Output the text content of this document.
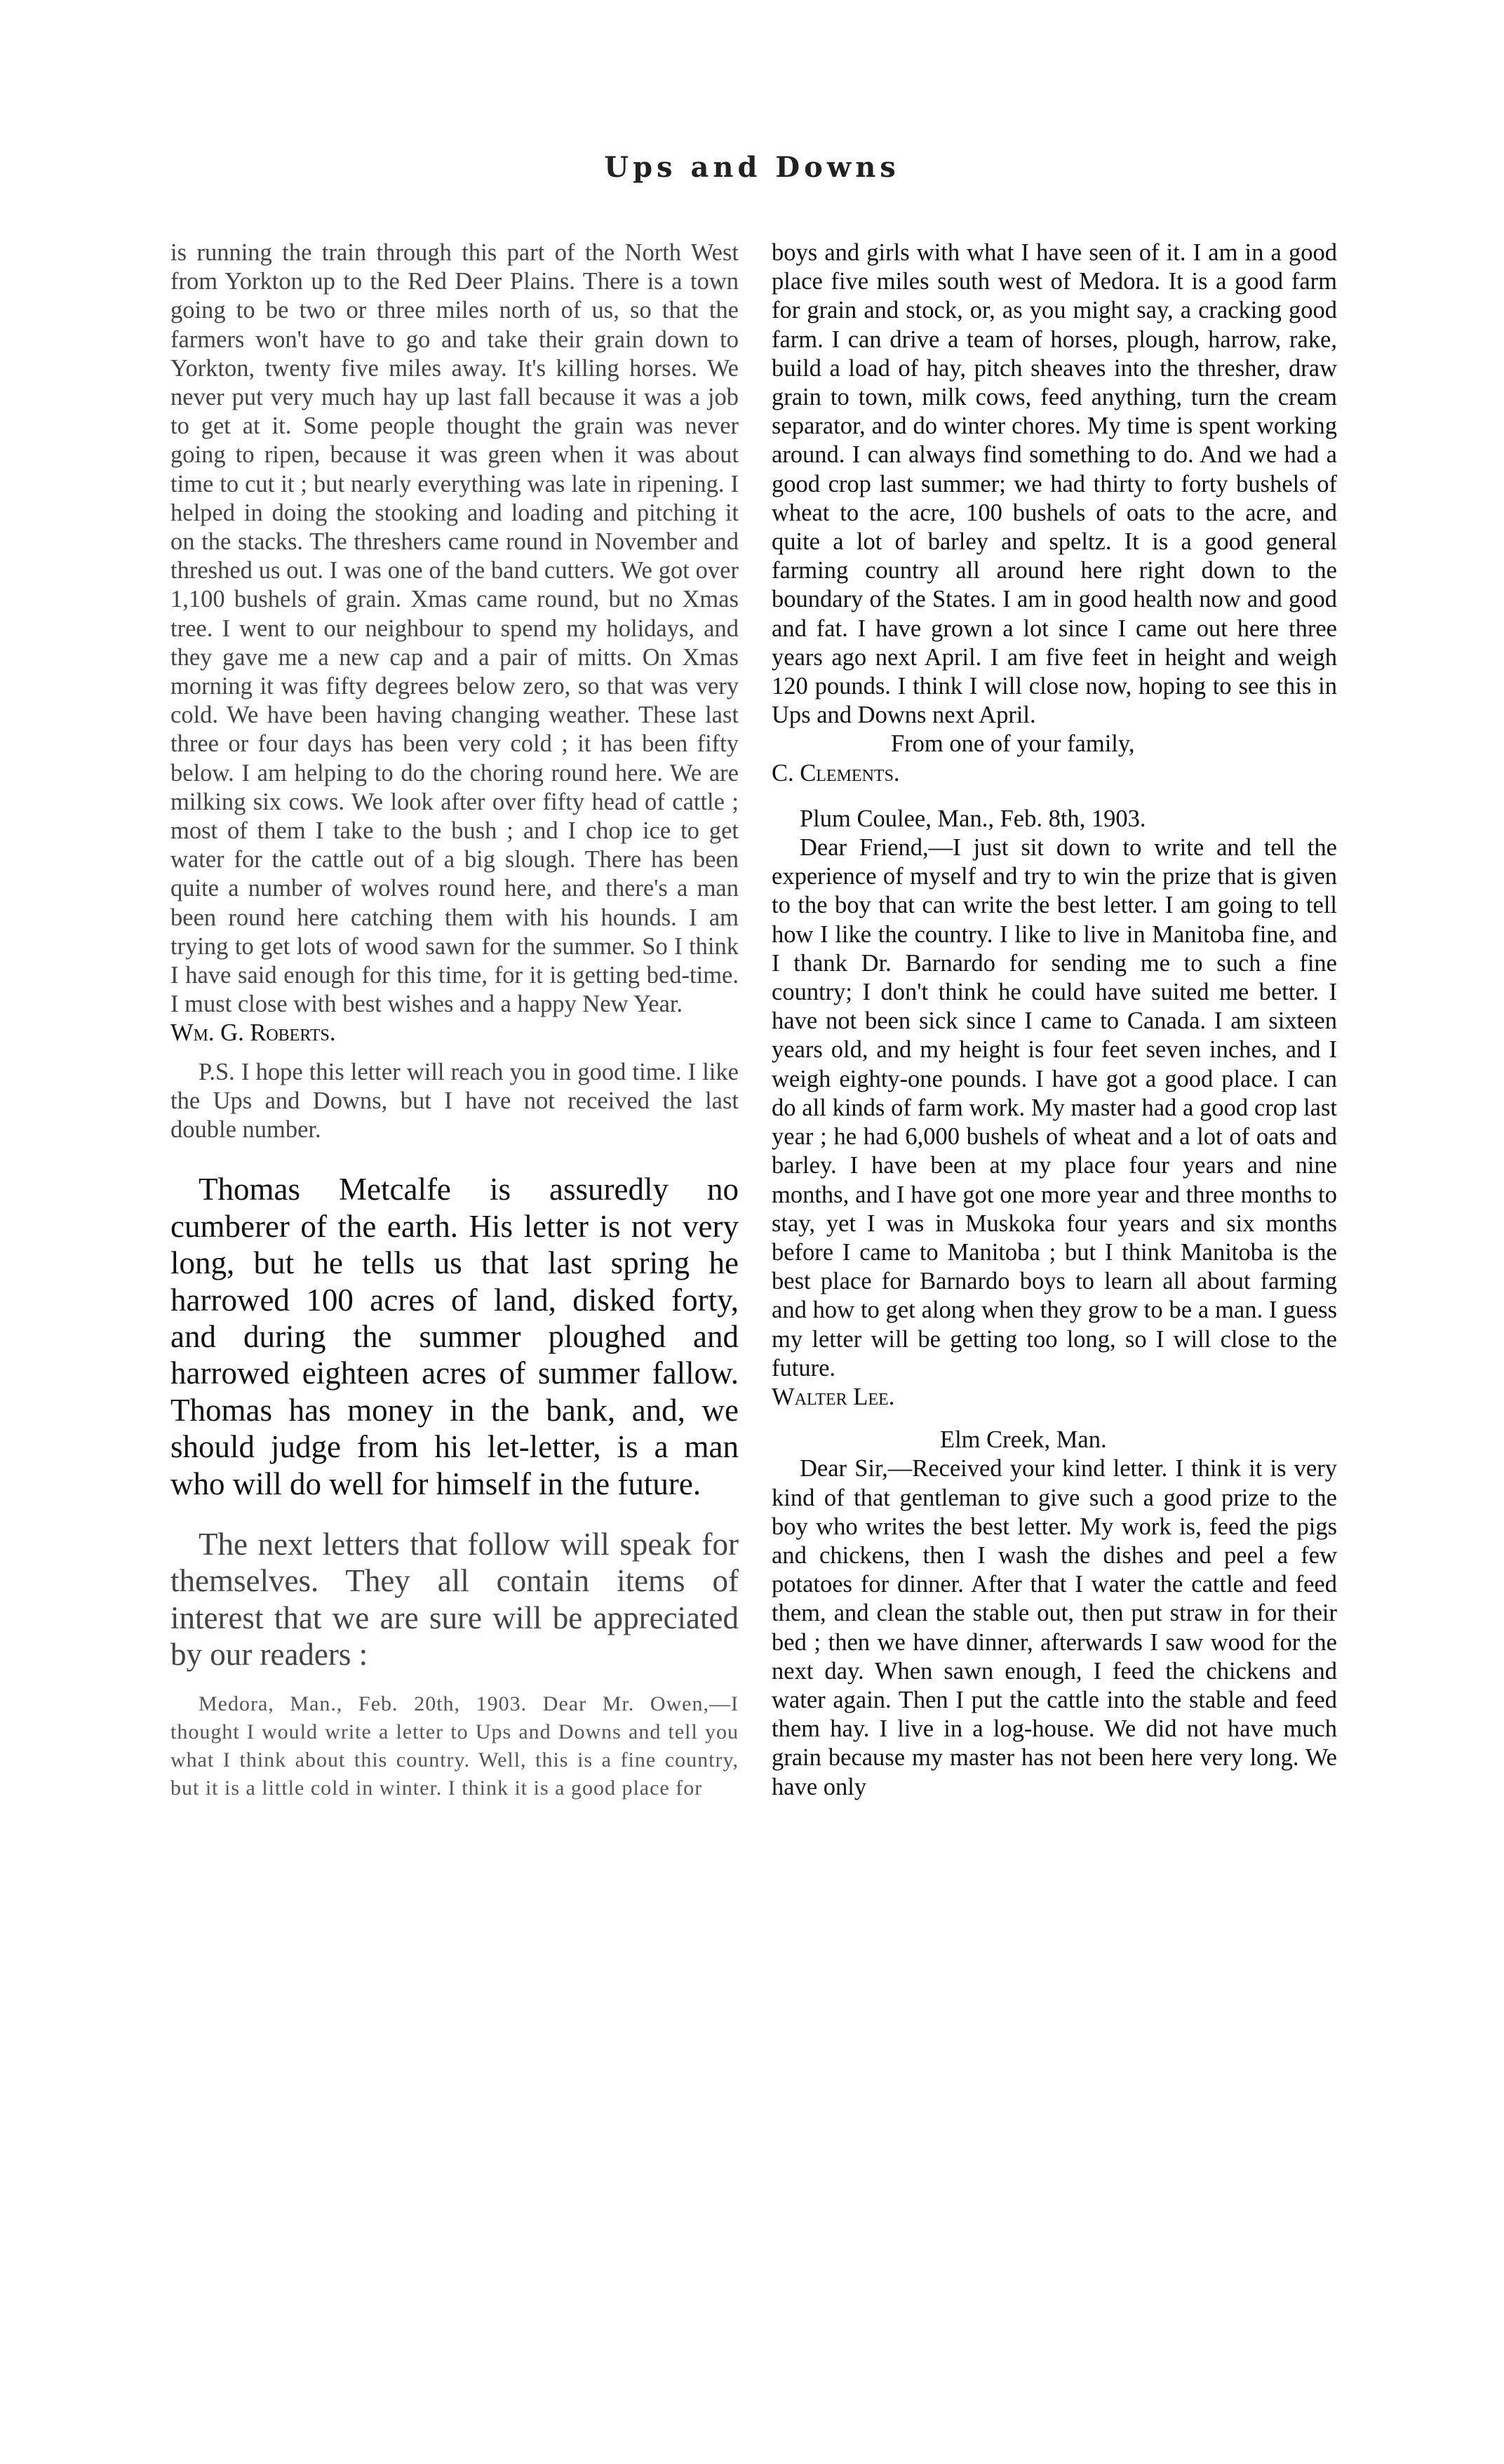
Ups and Downs

is running the train through this part of the North West from Yorkton up to the Red Deer Plains. There is a town going to be two or three miles north of us, so that the farmers won't have to go and take their grain down to Yorkton, twenty five miles away. It's killing horses. We never put very much hay up last fall because it was a job to get at it. Some people thought the grain was never going to ripen, because it was green when it was about time to cut it ; but nearly everything was late in ripening. I helped in doing the stooking and loading and pitching it on the stacks. The threshers came round in November and threshed us out. I was one of the band cutters. We got over 1,100 bushels of grain. Xmas came round, but no Xmas tree. I went to our neighbour to spend my holidays, and they gave me a new cap and a pair of mitts. On Xmas morning it was fifty degrees below zero, so that was very cold. We have been having changing weather. These last three or four days has been very cold ; it has been fifty below. I am helping to do the choring round here. We are milking six cows. We look after over fifty head of cattle ; most of them I take to the bush ; and I chop ice to get water for the cattle out of a big slough. There has been quite a number of wolves round here, and there's a man been round here catching them with his hounds. I am trying to get lots of wood sawn for the summer. So I think I have said enough for this time, for it is getting bed-time. I must close with best wishes and a happy New Year.

Wm. G. Roberts.

P.S. I hope this letter will reach you in good time. I like the Ups and Downs, but I have not received the last double number.

Thomas Metcalfe is assuredly no cumberer of the earth. His letter is not very long, but he tells us that last spring he harrowed 100 acres of land, disked forty, and during the summer ploughed and harrowed eighteen acres of summer fallow. Thomas has money in the bank, and, we should judge from his let-letter, is a man who will do well for himself in the future.

The next letters that follow will speak for themselves. They all contain items of interest that we are sure will be appreciated by our readers :

Medora, Man., Feb. 20th, 1903. Dear Mr. Owen,—I thought I would write a letter to Ups and Downs and tell you what I think about this country. Well, this is a fine country, but it is a little cold in winter. I think it is a good place for

boys and girls with what I have seen of it. I am in a good place five miles south west of Medora. It is a good farm for grain and stock, or, as you might say, a cracking good farm. I can drive a team of horses, plough, harrow, rake, build a load of hay, pitch sheaves into the thresher, draw grain to town, milk cows, feed anything, turn the cream separator, and do winter chores. My time is spent working around. I can always find something to do. And we had a good crop last summer; we had thirty to forty bushels of wheat to the acre, 100 bushels of oats to the acre, and quite a lot of barley and speltz. It is a good general farming country all around here right down to the boundary of the States. I am in good health now and good and fat. I have grown a lot since I came out here three years ago next April. I am five feet in height and weigh 120 pounds. I think I will close now, hoping to see this in Ups and Downs next April.

From one of your family,

C. Clements.

Plum Coulee, Man., Feb. 8th, 1903.

Dear Friend,—I just sit down to write and tell the experience of myself and try to win the prize that is given to the boy that can write the best letter. I am going to tell how I like the country. I like to live in Manitoba fine, and I thank Dr. Barnardo for sending me to such a fine country; I don't think he could have suited me better. I have not been sick since I came to Canada. I am sixteen years old, and my height is four feet seven inches, and I weigh eighty-one pounds. I have got a good place. I can do all kinds of farm work. My master had a good crop last year ; he had 6,000 bushels of wheat and a lot of oats and barley. I have been at my place four years and nine months, and I have got one more year and three months to stay, yet I was in Muskoka four years and six months before I came to Manitoba ; but I think Manitoba is the best place for Barnardo boys to learn all about farming and how to get along when they grow to be a man. I guess my letter will be getting too long, so I will close to the future.

Walter Lee.

Elm Creek, Man.

Dear Sir,—Received your kind letter. I think it is very kind of that gentleman to give such a good prize to the boy who writes the best letter. My work is, feed the pigs and chickens, then I wash the dishes and peel a few potatoes for dinner. After that I water the cattle and feed them, and clean the stable out, then put straw in for their bed ; then we have dinner, afterwards I saw wood for the next day. When sawn enough, I feed the chickens and water again. Then I put the cattle into the stable and feed them hay. I live in a log-house. We did not have much grain because my master has not been here very long. We have only
